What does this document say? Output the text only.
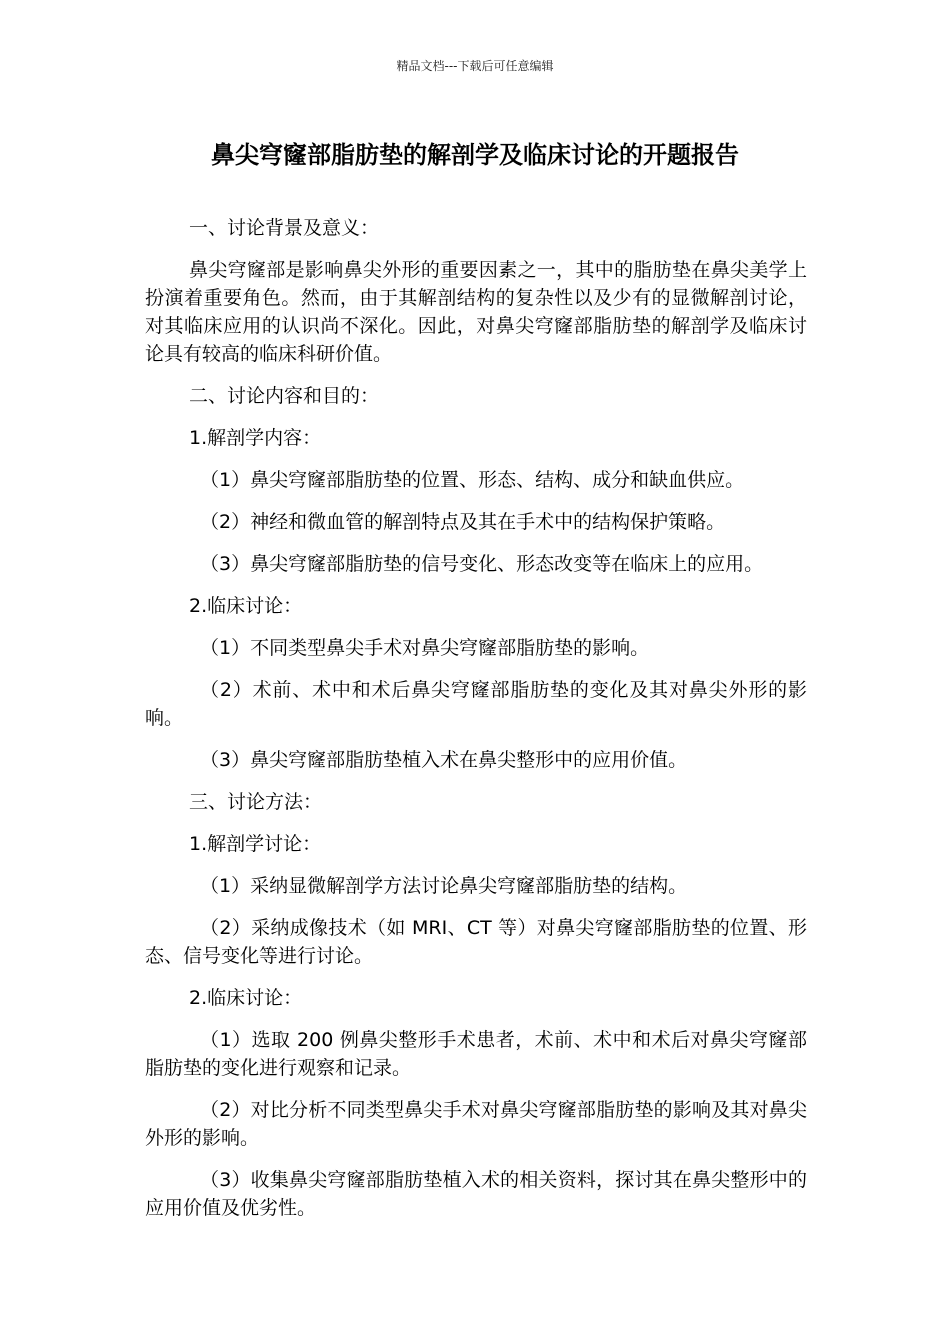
精品文档---下载后可任意编辑
鼻尖穹窿部脂肪垫的解剖学及临床讨论的开题报告

一、讨论背景及意义：

鼻尖穹窿部是影响鼻尖外形的重要因素之一，其中的脂肪垫在鼻尖美学上扮演着重要角色。然而，由于其解剖结构的复杂性以及少有的显微解剖讨论，对其临床应用的认识尚不深化。因此，对鼻尖穹窿部脂肪垫的解剖学及临床讨论具有较高的临床科研价值。

二、讨论内容和目的：

1.解剖学内容：

（1）鼻尖穹窿部脂肪垫的位置、形态、结构、成分和缺血供应。

（2）神经和微血管的解剖特点及其在手术中的结构保护策略。

（3）鼻尖穹窿部脂肪垫的信号变化、形态改变等在临床上的应用。

2.临床讨论：

（1）不同类型鼻尖手术对鼻尖穹窿部脂肪垫的影响。

（2）术前、术中和术后鼻尖穹窿部脂肪垫的变化及其对鼻尖外形的影响。

（3）鼻尖穹窿部脂肪垫植入术在鼻尖整形中的应用价值。

三、讨论方法：

1.解剖学讨论：

（1）采纳显微解剖学方法讨论鼻尖穹窿部脂肪垫的结构。

（2）采纳成像技术（如 MRI、CT 等）对鼻尖穹窿部脂肪垫的位置、形态、信号变化等进行讨论。

2.临床讨论：

（1）选取 200 例鼻尖整形手术患者，术前、术中和术后对鼻尖穹窿部脂肪垫的变化进行观察和记录。

（2）对比分析不同类型鼻尖手术对鼻尖穹窿部脂肪垫的影响及其对鼻尖外形的影响。

（3）收集鼻尖穹窿部脂肪垫植入术的相关资料，探讨其在鼻尖整形中的应用价值及优劣性。
